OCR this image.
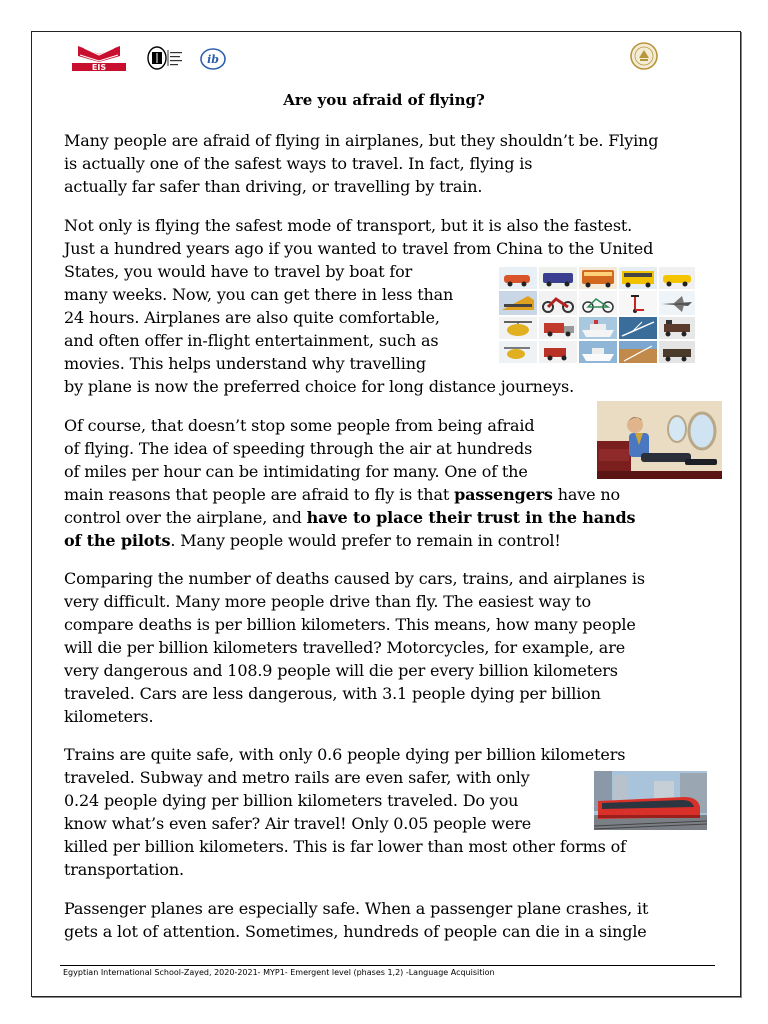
EIS
ib
Are you afraid of flying?
Many people are afraid of flying in airplanes, but they shouldn’t be. Flying
is actually one of the safest ways to travel. In fact, flying is
actually far safer than driving, or travelling by train.
Not only is flying the safest mode of transport, but it is also the fastest.
Just a hundred years ago if you wanted to travel from China to the United
States, you would have to travel by boat for
many weeks. Now, you can get there in less than
24 hours. Airplanes are also quite comfortable,
and often offer in-flight entertainment, such as
movies. This helps understand why travelling
by plane is now the preferred choice for long distance journeys.
Of course, that doesn’t stop some people from being afraid
of flying. The idea of speeding through the air at hundreds
of miles per hour can be intimidating for many. One of the
main reasons that people are afraid to fly is that passengers have no
control over the airplane, and have to place their trust in the hands
of the pilots. Many people would prefer to remain in control!
Comparing the number of deaths caused by cars, trains, and airplanes is
very difficult. Many more people drive than fly. The easiest way to
compare deaths is per billion kilometers. This means, how many people
will die per billion kilometers travelled? Motorcycles, for example, are
very dangerous and 108.9 people will die per every billion kilometers
traveled. Cars are less dangerous, with 3.1 people dying per billion
kilometers.
Trains are quite safe, with only 0.6 people dying per billion kilometers
traveled. Subway and metro rails are even safer, with only
0.24 people dying per billion kilometers traveled. Do you
know what’s even safer? Air travel! Only 0.05 people were
killed per billion kilometers. This is far lower than most other forms of
transportation.
Passenger planes are especially safe. When a passenger plane crashes, it
gets a lot of attention. Sometimes, hundreds of people can die in a single
Egyptian International School-Zayed, 2020-2021- MYP1- Emergent level (phases 1,2) -Language Acquisition
